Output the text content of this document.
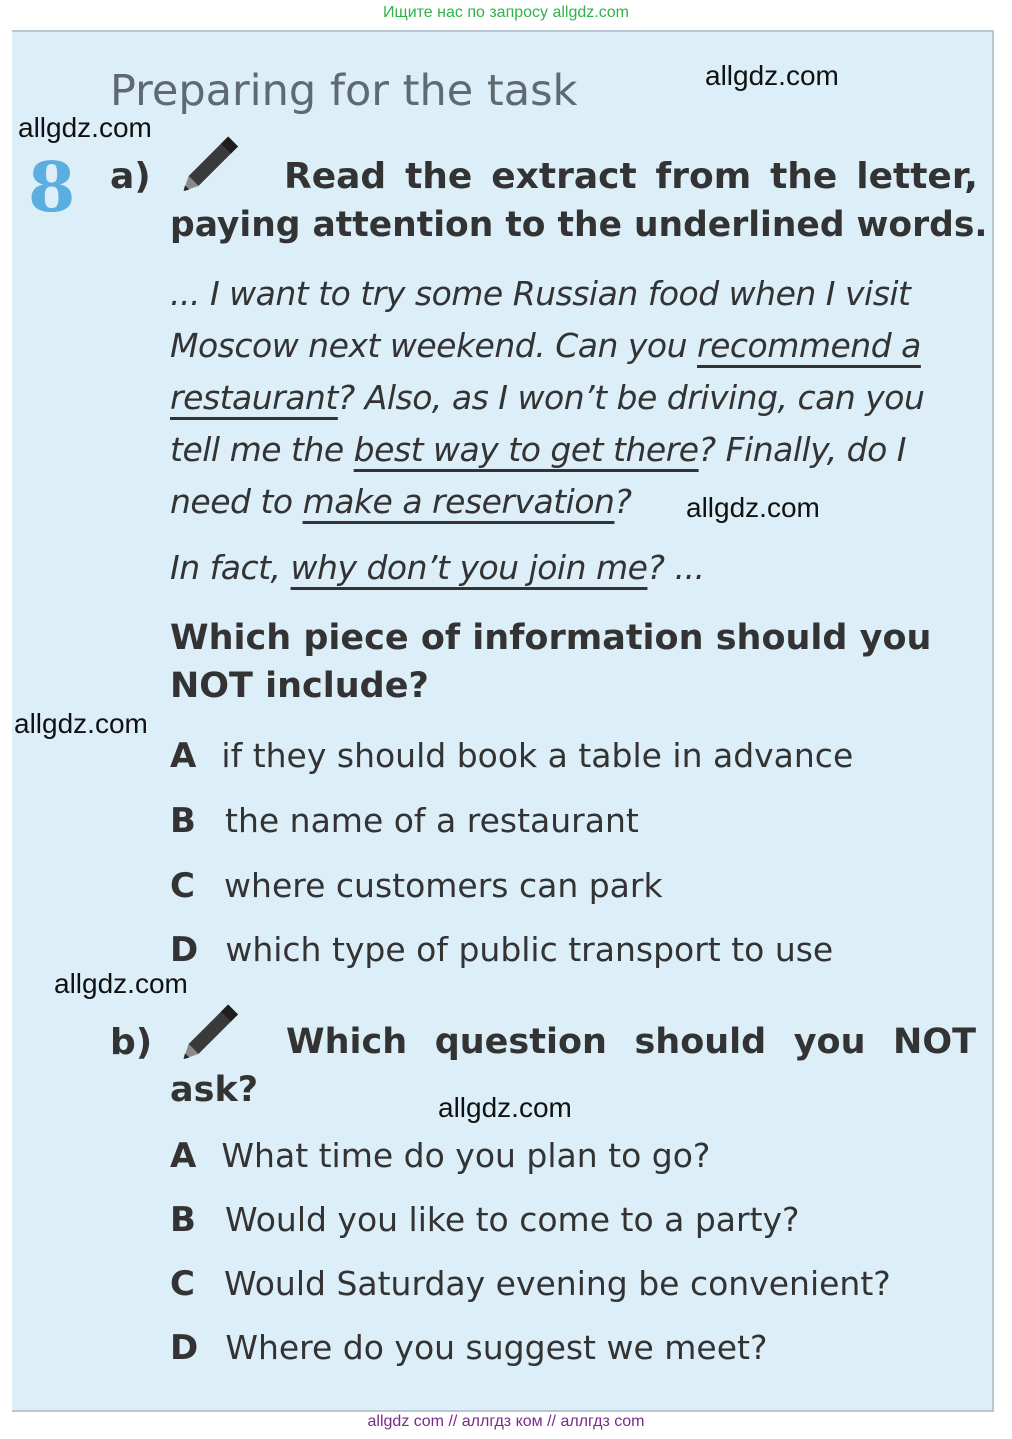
Ищите нас по запросу allgdz.com
Preparing for the task
8 a)	Read the extract from the letter,
paying attention to the underlined words.
... I want to try some Russian food when I visit
Moscow next weekend. Can you recommend a
restaurant? Also, as I won’t be driving, can you
tell me the best way to get there? Finally, do I
need to make a reservation?
In fact, why don’t you join me? ...
Which piece of information should you
NOT include?
A if they should book a table in advance
B the name of a restaurant
C where customers can park
D which type of public transport to use
b)	Which question should you NOT
ask?
A What time do you plan to go?
B Would you like to come to a party?
C Would Saturday evening be convenient?
D Where do you suggest we meet?
allgdz.com
allgdz.com
allgdz.com
allgdz.com
allgdz.com
allgdz.com
allgdz com // аллгдз ком // аллгдз com
